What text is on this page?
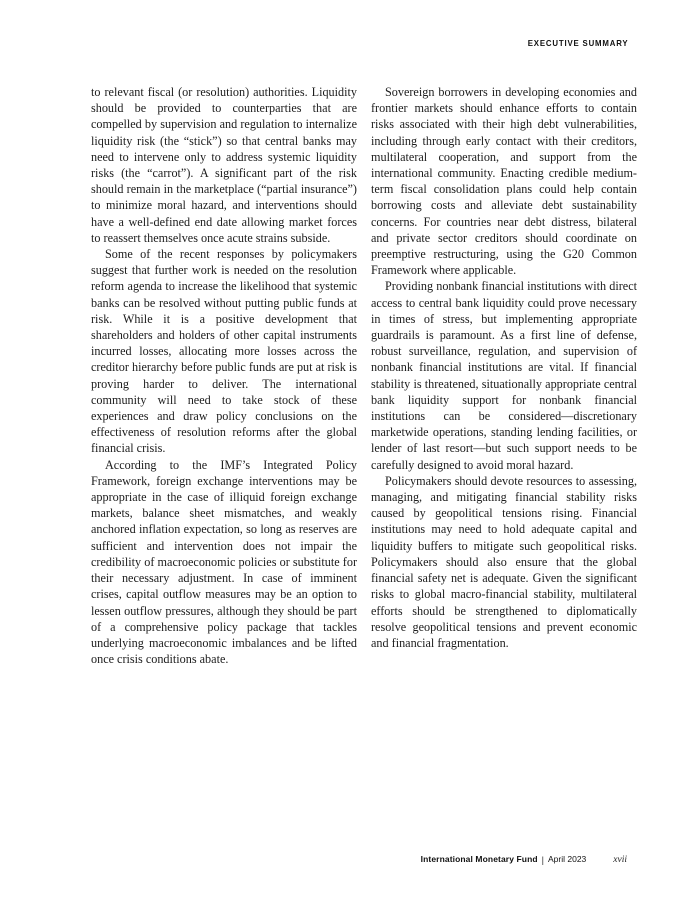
EXECUTIVE SUMMARY

to relevant fiscal (or resolution) authorities. Liquidity should be provided to counterparties that are compelled by supervision and regulation to internalize liquidity risk (the “stick”) so that central banks may need to intervene only to address systemic liquidity risks (the “carrot”). A significant part of the risk should remain in the marketplace (“partial insurance”) to minimize moral hazard, and interventions should have a well-defined end date allowing market forces to reassert themselves once acute strains subside.

Some of the recent responses by policymakers suggest that further work is needed on the resolution reform agenda to increase the likelihood that systemic banks can be resolved without putting public funds at risk. While it is a positive development that shareholders and holders of other capital instruments incurred losses, allocating more losses across the creditor hierarchy before public funds are put at risk is proving harder to deliver. The international community will need to take stock of these experiences and draw policy conclusions on the effectiveness of resolution reforms after the global financial crisis.

According to the IMF’s Integrated Policy Framework, foreign exchange interventions may be appropriate in the case of illiquid foreign exchange markets, balance sheet mismatches, and weakly anchored inflation expectation, so long as reserves are sufficient and intervention does not impair the credibility of macroeconomic policies or substitute for their necessary adjustment. In case of imminent crises, capital outflow measures may be an option to lessen outflow pressures, although they should be part of a comprehensive policy package that tackles underlying macroeconomic imbalances and be lifted once crisis conditions abate.

Sovereign borrowers in developing economies and frontier markets should enhance efforts to contain risks associated with their high debt vulnerabilities, including through early contact with their creditors, multilateral cooperation, and support from the international community. Enacting credible medium-term fiscal consolidation plans could help contain borrowing costs and alleviate debt sustainability concerns. For countries near debt distress, bilateral and private sector creditors should coordinate on preemptive restructuring, using the G20 Common Framework where applicable.

Providing nonbank financial institutions with direct access to central bank liquidity could prove necessary in times of stress, but implementing appropriate guardrails is paramount. As a first line of defense, robust surveillance, regulation, and supervision of nonbank financial institutions are vital. If financial stability is threatened, situationally appropriate central bank liquidity support for nonbank financial institutions can be considered—discretionary marketwide operations, standing lending facilities, or lender of last resort—but such support needs to be carefully designed to avoid moral hazard.

Policymakers should devote resources to assessing, managing, and mitigating financial stability risks caused by geopolitical tensions rising. Financial institutions may need to hold adequate capital and liquidity buffers to mitigate such geopolitical risks. Policymakers should also ensure that the global financial safety net is adequate. Given the significant risks to global macro-financial stability, multilateral efforts should be strengthened to diplomatically resolve geopolitical tensions and prevent economic and financial fragmentation.

International Monetary Fund | April 2023	xvii
